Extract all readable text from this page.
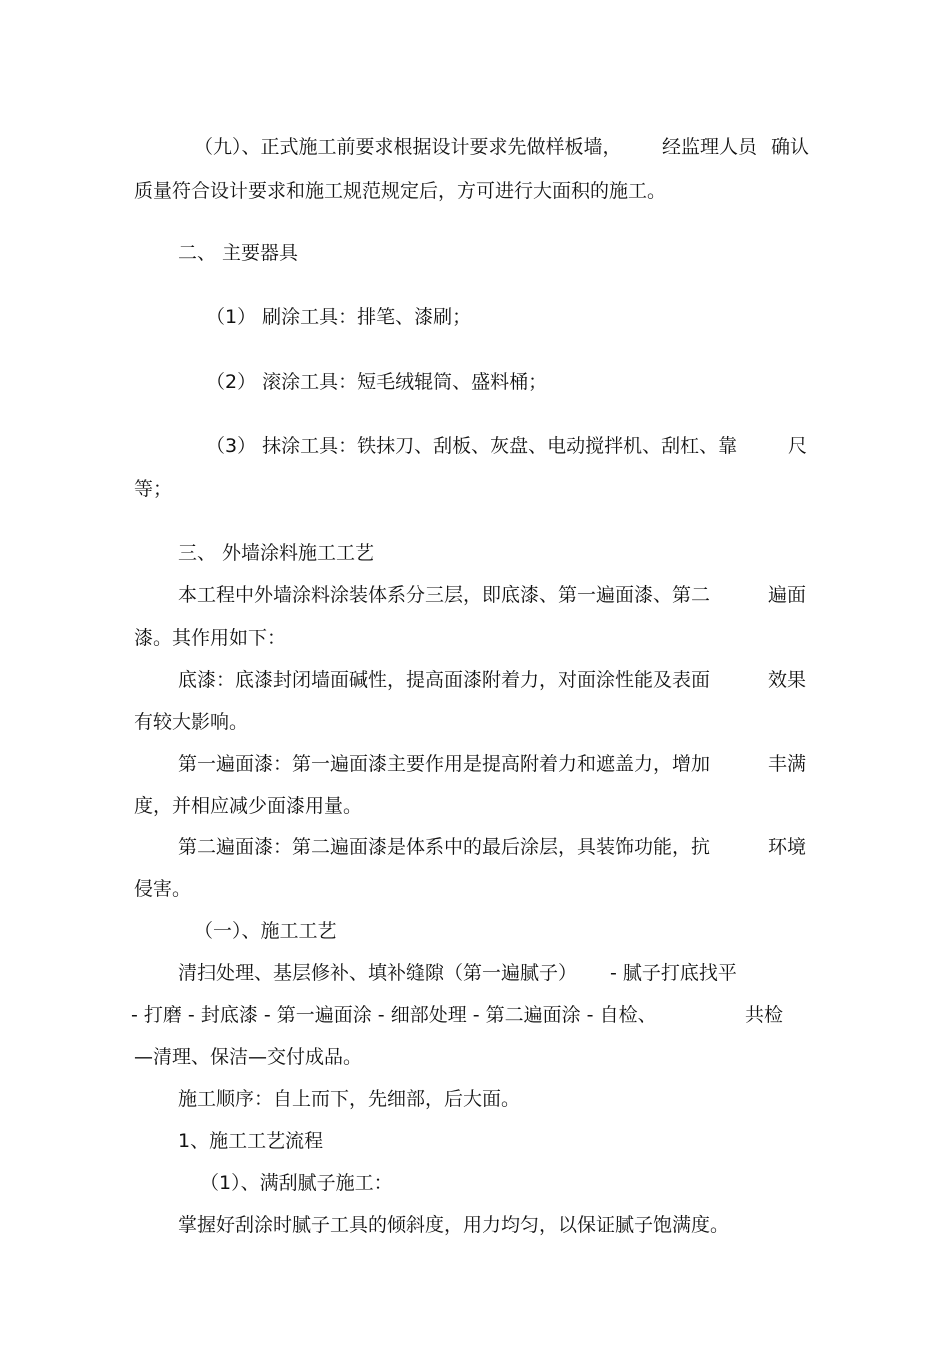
（九）、正式施工前要求根据设计要求先做样板墙， 经监理人员 确认
质量符合设计要求和施工规范规定后，方可进行大面积的施工。
二、 主要器具
（1） 刷涂工具：排笔、漆刷；
（2） 滚涂工具：短毛绒辊筒、盛料桶；
（3） 抹涂工具：铁抹刀、刮板、灰盘、电动搅拌机、刮杠、靠	尺
等；
三、 外墙涂料施工工艺
本工程中外墙涂料涂装体系分三层，即底漆、第一遍面漆、第二	遍面
漆。其作用如下：
底漆：底漆封闭墙面碱性，提高面漆附着力，对面涂性能及表面	效果
有较大影响。
第一遍面漆：第一遍面漆主要作用是提高附着力和遮盖力，增加	丰满
度，并相应减少面漆用量。
第二遍面漆：第二遍面漆是体系中的最后涂层，具装饰功能，抗	环境
侵害。
（一）、施工工艺
清扫处理、基层修补、填补缝隙（第一遍腻子） - 腻子打底找平
- 打磨 - 封底漆 - 第一遍面涂 - 细部处理 - 第二遍面涂 - 自检、	共检
—清理、保洁—交付成品。
施工顺序：自上而下，先细部，后大面。
1、施工工艺流程
（1）、满刮腻子施工：
掌握好刮涂时腻子工具的倾斜度，用力均匀，以保证腻子饱满度。
